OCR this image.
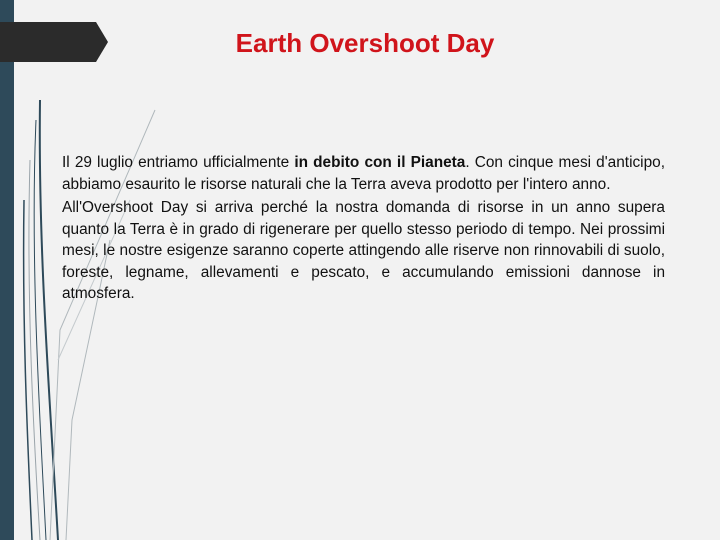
Earth Overshoot Day

Il 29 luglio entriamo ufficialmente in debito con il Pianeta. Con cinque mesi d'anticipo, abbiamo esaurito le risorse naturali che la Terra aveva prodotto per l'intero anno.

All'Overshoot Day si arriva perché la nostra domanda di risorse in un anno supera quanto la Terra è in grado di rigenerare per quello stesso periodo di tempo. Nei prossimi mesi, le nostre esigenze saranno coperte attingendo alle riserve non rinnovabili di suolo, foreste, legname, allevamenti e pescato, e accumulando emissioni dannose in atmosfera.
